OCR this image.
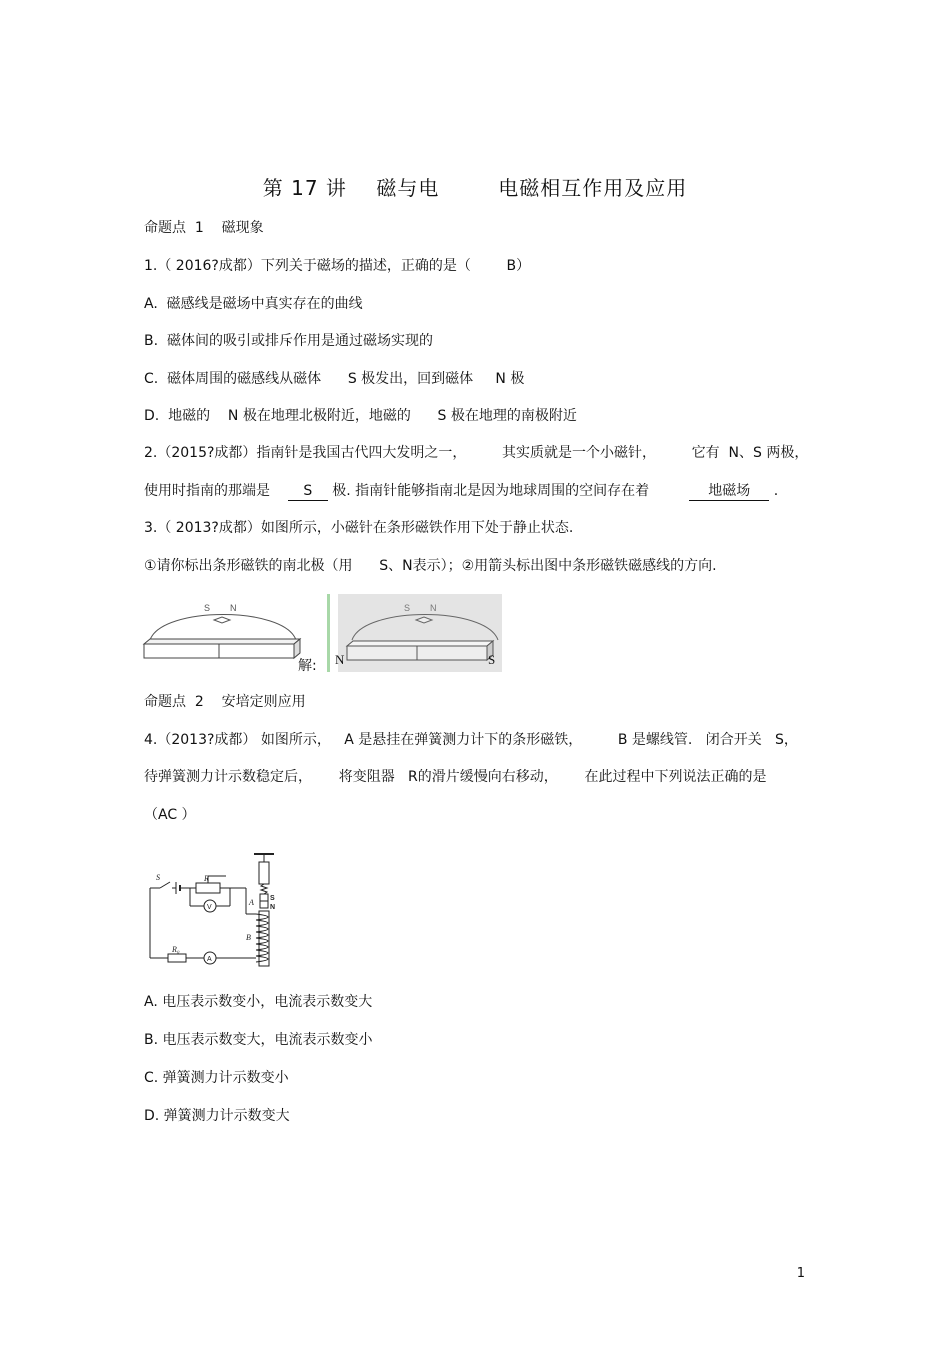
第 17 讲    磁与电        电磁相互作用及应用
命题点  1    磁现象
1.（ 2016?成都）下列关于磁场的描述，正确的是（        B）
A.  磁感线是磁场中真实存在的曲线
B.  磁体间的吸引或排斥作用是通过磁场实现的
C.  磁体周围的磁感线从磁体      S 极发出，回到磁体     N 极
D.  地磁的    N 极在地理北极附近，地磁的      S 极在地理的南极附近
2.（2015?成都）指南针是我国古代四大发明之一，        其实质就是一个小磁针，        它有  N、S 两极，
使用时指南的那端是 S 极. 指南针能够指南北是因为地球周围的空间存在着	地磁场 .
3.（ 2013?成都）如图所示，小磁针在条形磁铁作用下处于静止状态.
①请你标出条形磁铁的南北极（用      S、N表示）；②用箭头标出图中条形磁铁磁感线的方向.
S N
解:
S N
N	S
命题点  2    安培定则应用
4.（2013?成都） 如图所示，   A 是悬挂在弹簧测力计下的条形磁铁，        B 是螺线管.   闭合开关   S，
待弹簧测力计示数稳定后，      将变阻器   R的滑片缓慢向右移动，      在此过程中下列说法正确的是
（AC ）
S	R
R₀
A
B
V
A
S
N
A. 电压表示数变小，电流表示数变大
B. 电压表示数变大，电流表示数变小
C. 弹簧测力计示数变小
D. 弹簧测力计示数变大
1
